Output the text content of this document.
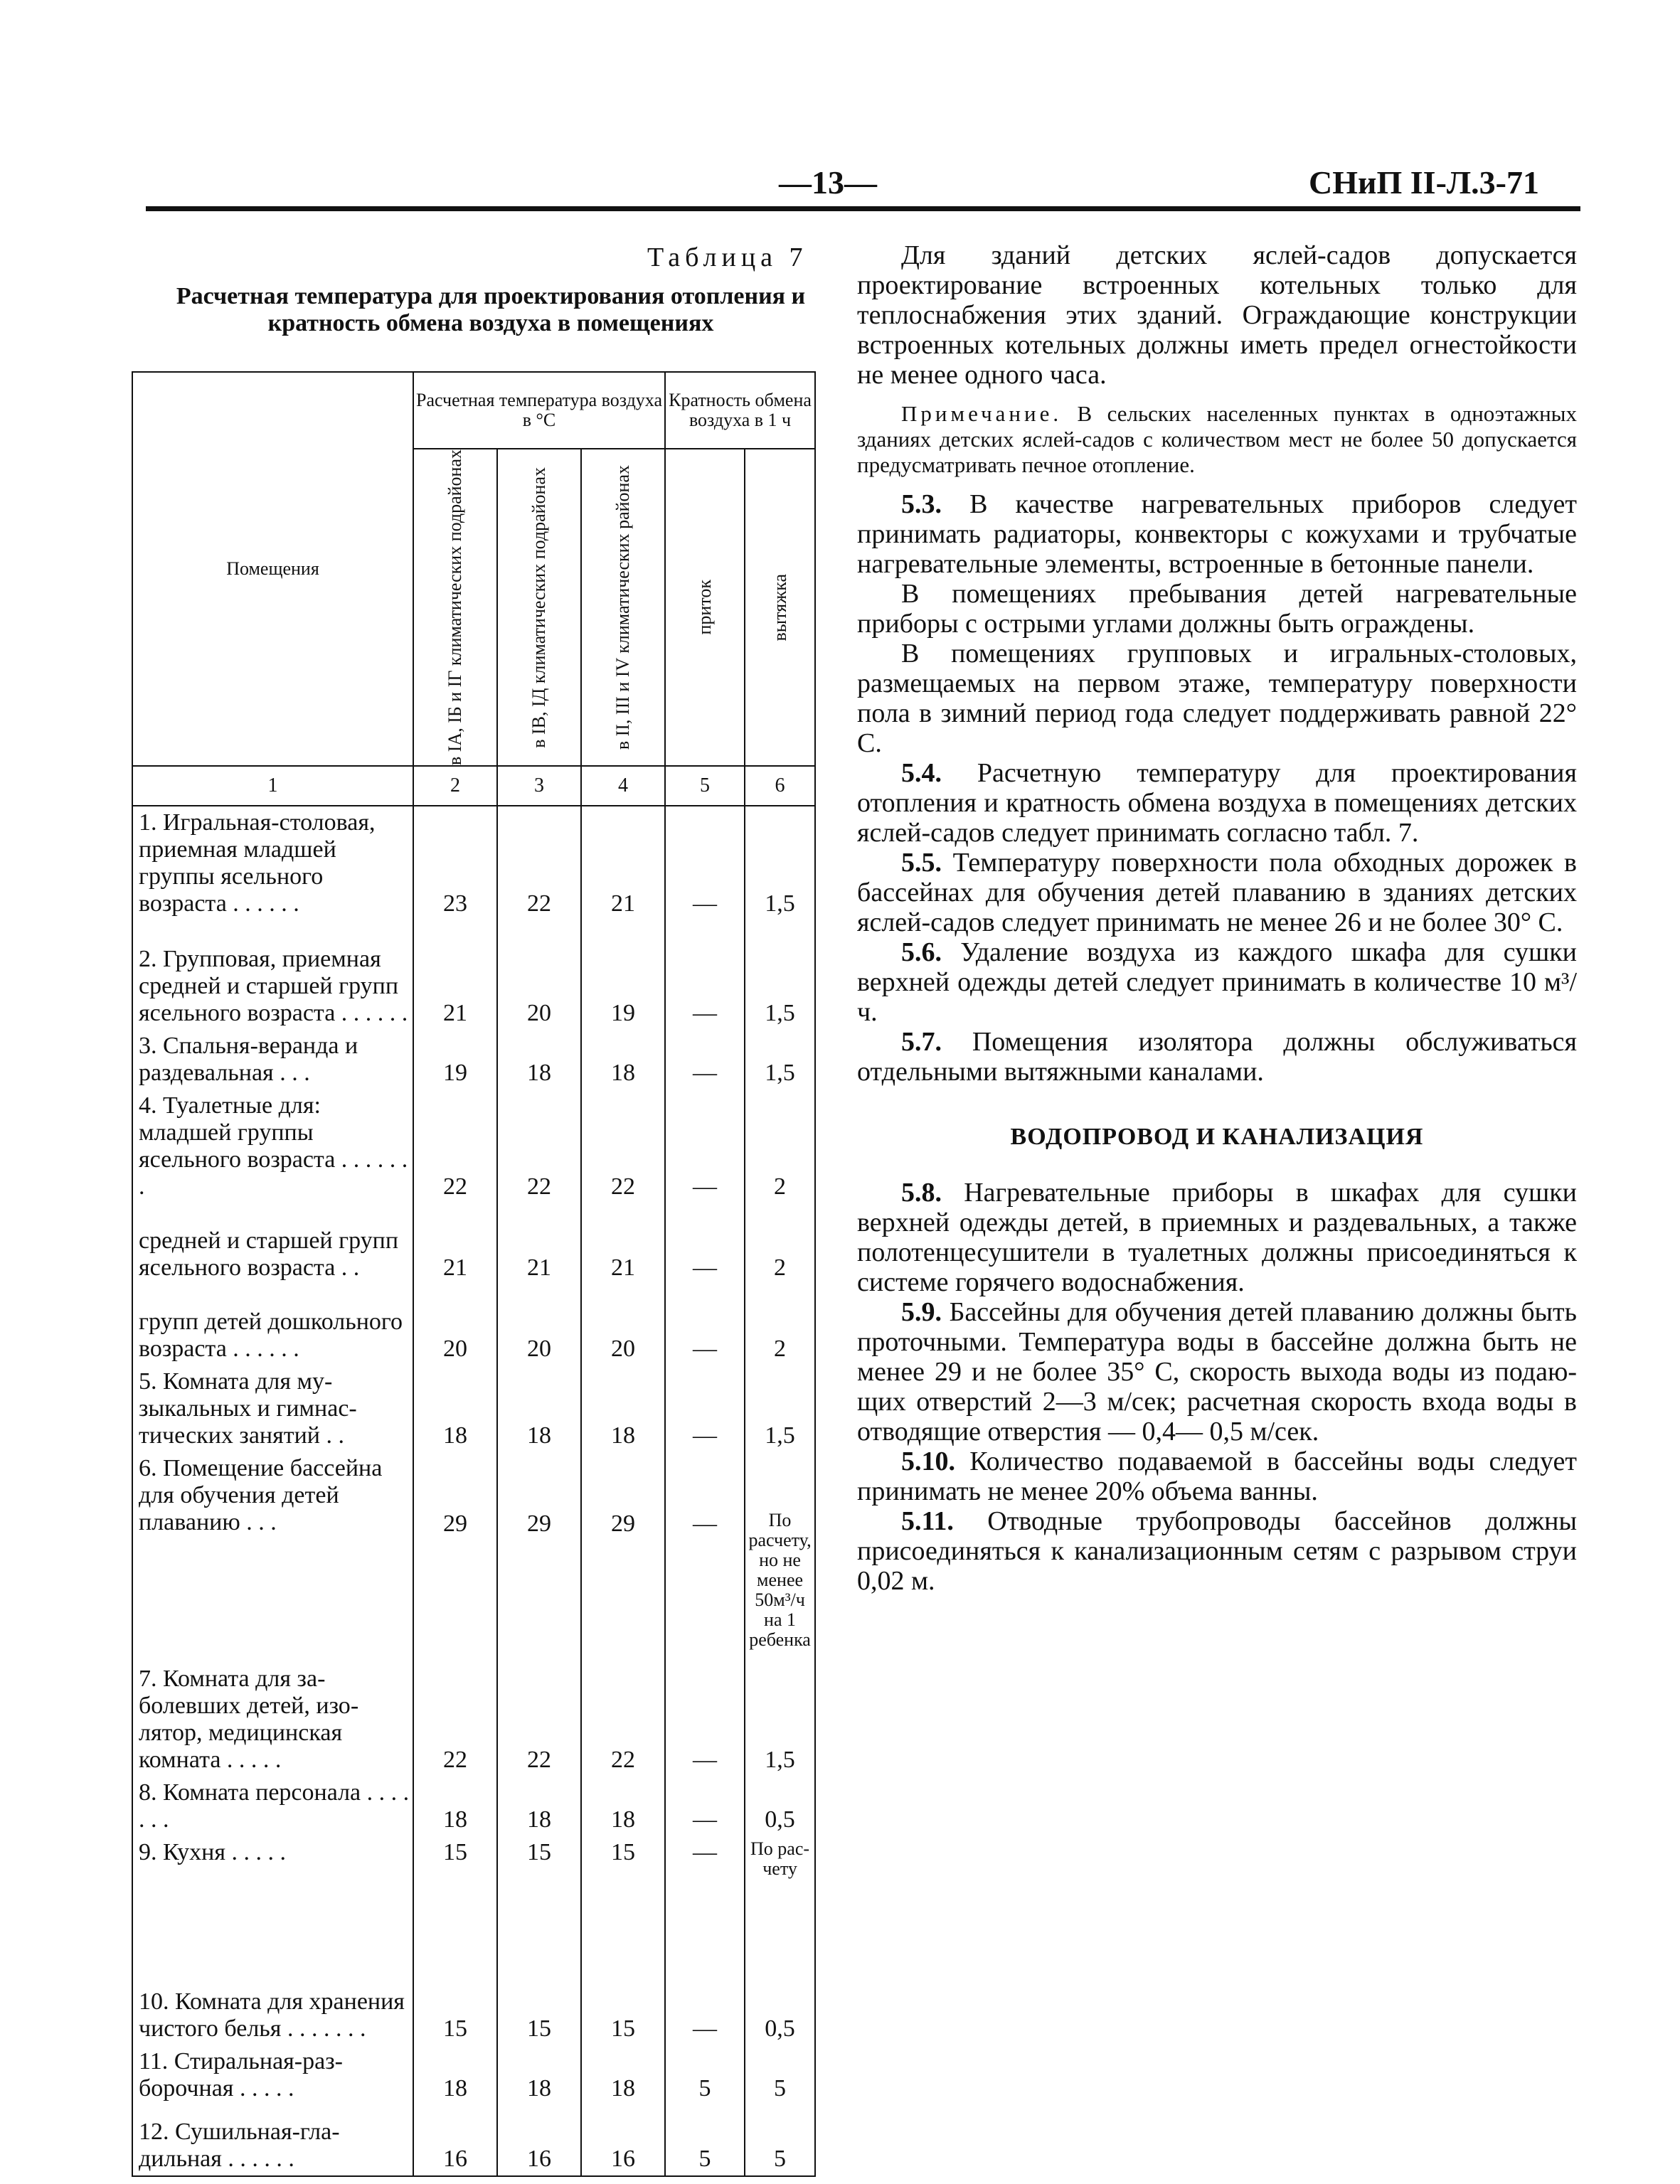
—13—	СНиП II-Л.3-71
Таблица 7

Расчетная температура для проектирования отопления и кратность обмена воздуха в помещениях

Помещения	Расчетная температура воздуха в °С			Кратность обмена воздуха в 1 ч	

	в IA, IБ и IГ климатических подрайонах	в IВ, IД климатических подрайонах	в II, III и IV климатических районах	приток	вытяжка

1	2	3	4	5	6
1. Игральная-столовая, приемная младшей группы ясельного возраста . . . . . .	23	22	21	—	1,5
2. Групповая, приемная средней и старшей групп ясельного возраста . . . . . .	21	20	19	—	1,5
3. Спальня-веранда и раздевальная . . .	19	18	18	—	1,5
4. Туалетные для: младшей группы ясельного возраста . . . . . . .	22	22	22	—	2
средней и старшей групп ясельного возраста . .	21	21	21	—	2
групп детей дошкольного возраста . . . . . .	20	20	20	—	2
5. Комната для музыкальных и гимнастических занятий . .	18	18	18	—	1,5
6. Помещение бассейна для обучения детей плаванию . . .	29	29	29	—	По расчету, но не менее 50м³/ч на 1 ребенка
7. Комната для заболевших детей, изолятор, медицинская комната . . . . .	22	22	22	—	1,5
8. Комната персонала . . . . . . .	18	18	18	—	0,5
9. Кухня . . . . .	15	15	15	—	По расчету
10. Комната для хранения чистого белья . . . . . . .	15	15	15	—	0,5
11. Стиральная-разборочная . . . . .	18	18	18	5	5
12. Сушильная-гладильная . . . . . .	16	16	16	5	5

Для зданий детских яслей-садов допускается проектирование встроенных котельных только для теплоснабжения этих зданий. Ограждающие конструкции встроенных котельных должны иметь предел огнестойкости не менее одного часа.

Примечание. В сельских населенных пунктах в одноэтажных зданиях детских яслей-садов с количеством мест не более 50 допускается предусматривать печное отопление.

5.3. В качестве нагревательных приборов следует принимать радиаторы, конвекторы с кожухами и трубчатые нагревательные элементы, встроенные в бетонные панели.

В помещениях пребывания детей нагревательные приборы с острыми углами должны быть ограждены.

В помещениях групповых и игральных-столовых, размещаемых на первом этаже, температуру поверхности пола в зимний период года следует поддерживать равной 22° С.

5.4. Расчетную температуру для проектирования отопления и кратность обмена воздуха в помещениях детских яслей-садов следует принимать согласно табл. 7.

5.5. Температуру поверхности пола обходных дорожек в бассейнах для обучения детей плаванию в зданиях детских яслей-садов следует принимать не менее 26 и не более 30° С.

5.6. Удаление воздуха из каждого шкафа для сушки верхней одежды детей следует принимать в количестве 10 м³/ч.

5.7. Помещения изолятора должны обслуживаться отдельными вытяжными каналами.

ВОДОПРОВОД И КАНАЛИЗАЦИЯ

5.8. Нагревательные приборы в шкафах для сушки верхней одежды детей, в приемных и раздевальных, а также полотенцесушители в туалетных должны присоединяться к системе горячего водоснабжения.

5.9. Бассейны для обучения детей плаванию должны быть проточными. Температура воды в бассейне должна быть не менее 29 и не более 35° С, скорость выхода воды из подающих отверстий 2—3 м/сек; расчетная скорость входа воды в отводящие отверстия — 0,4— 0,5 м/сек.

5.10. Количество подаваемой в бассейны воды следует принимать не менее 20% объема ванны.

5.11. Отводные трубопроводы бассейнов должны присоединяться к канализационным сетям с разрывом струи 0,02 м.
